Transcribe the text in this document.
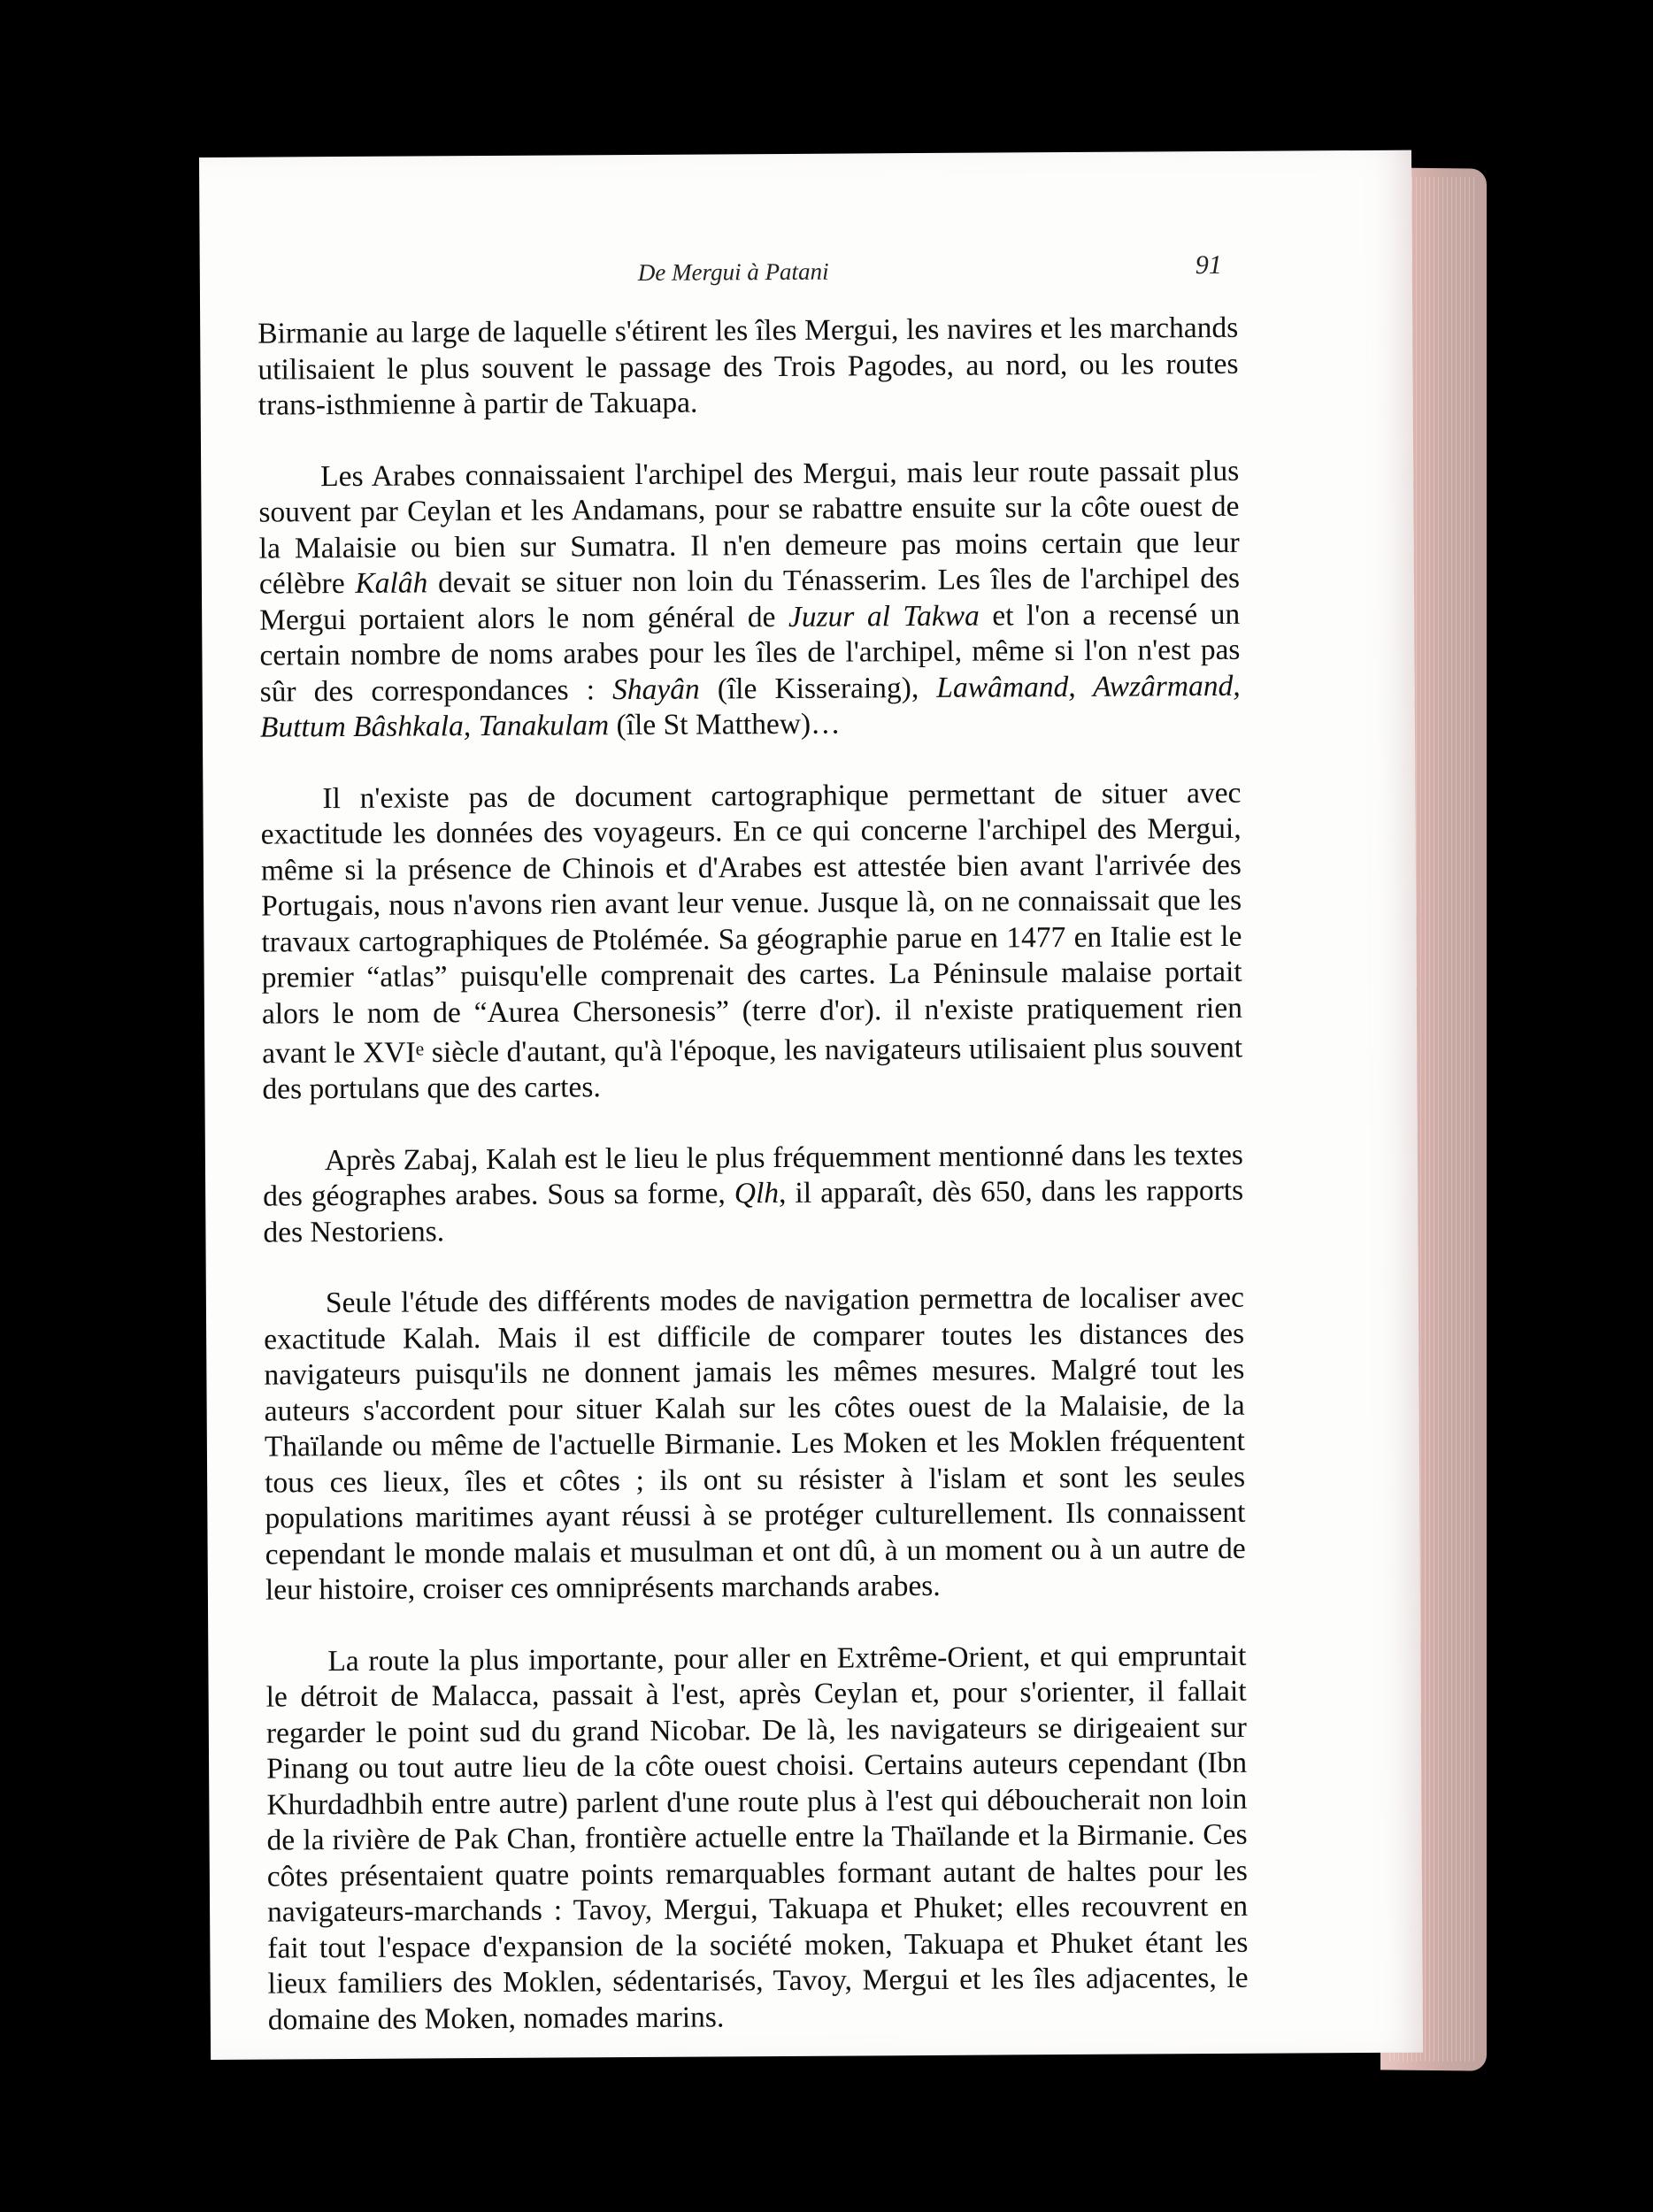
De Mergui à Patani	91

Birmanie au large de laquelle s'étirent les îles Mergui, les navires et les marchands utilisaient le plus souvent le passage des Trois Pagodes, au nord, ou les routes trans-isthmienne à partir de Takuapa.

Les Arabes connaissaient l'archipel des Mergui, mais leur route passait plus souvent par Ceylan et les Andamans, pour se rabattre ensuite sur la côte ouest de la Malaisie ou bien sur Sumatra. Il n'en demeure pas moins certain que leur célèbre Kalâh devait se situer non loin du Ténasserim. Les îles de l'archipel des Mergui portaient alors le nom général de Juzur al Takwa et l'on a recensé un certain nombre de noms arabes pour les îles de l'archipel, même si l'on n'est pas sûr des correspondances : Shayân (île Kisseraing), Lawâmand, Awzârmand, Buttum Bâshkala, Tanakulam (île St Matthew)…

Il n'existe pas de document cartographique permettant de situer avec exactitude les données des voyageurs. En ce qui concerne l'archipel des Mergui, même si la présence de Chinois et d'Arabes est attestée bien avant l'arrivée des Portugais, nous n'avons rien avant leur venue. Jusque là, on ne connaissait que les travaux cartographiques de Ptolémée. Sa géographie parue en 1477 en Italie est le premier “atlas” puisqu'elle comprenait des cartes. La Péninsule malaise portait alors le nom de “Aurea Chersonesis” (terre d'or). il n'existe pratiquement rien avant le XVIe siècle d'autant, qu'à l'époque, les navigateurs utilisaient plus souvent des portulans que des cartes.

Après Zabaj, Kalah est le lieu le plus fréquemment mentionné dans les textes des géographes arabes. Sous sa forme, Qlh, il apparaît, dès 650, dans les rapports des Nestoriens.

Seule l'étude des différents modes de navigation permettra de localiser avec exactitude Kalah. Mais il est difficile de comparer toutes les distances des navigateurs puisqu'ils ne donnent jamais les mêmes mesures. Malgré tout les auteurs s'accordent pour situer Kalah sur les côtes ouest de la Malaisie, de la Thaïlande ou même de l'actuelle Birmanie. Les Moken et les Moklen fréquentent tous ces lieux, îles et côtes ; ils ont su résister à l'islam et sont les seules populations maritimes ayant réussi à se protéger culturellement. Ils connaissent cependant le monde malais et musulman et ont dû, à un moment ou à un autre de leur histoire, croiser ces omniprésents marchands arabes.

La route la plus importante, pour aller en Extrême-Orient, et qui empruntait le détroit de Malacca, passait à l'est, après Ceylan et, pour s'orienter, il fallait regarder le point sud du grand Nicobar. De là, les navigateurs se dirigeaient sur Pinang ou tout autre lieu de la côte ouest choisi. Certains auteurs cependant (Ibn Khurdadhbih entre autre) parlent d'une route plus à l'est qui déboucherait non loin de la rivière de Pak Chan, frontière actuelle entre la Thaïlande et la Birmanie. Ces côtes présentaient quatre points remarquables formant autant de haltes pour les navigateurs-marchands : Tavoy, Mergui, Takuapa et Phuket; elles recouvrent en fait tout l'espace d'expansion de la société moken, Takuapa et Phuket étant les lieux familiers des Moklen, sédentarisés, Tavoy, Mergui et les îles adjacentes, le domaine des Moken, nomades marins.
